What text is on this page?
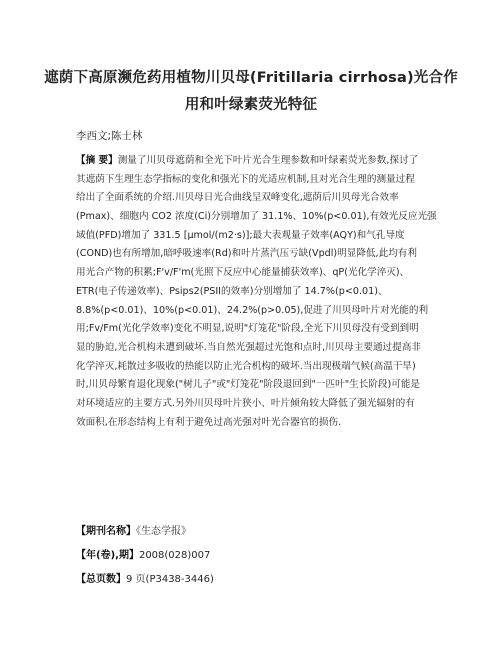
遮荫下高原濒危药用植物川贝母(Fritillaria cirrhosa)光合作
用和叶绿素荧光特征
李西文;陈士林
【摘 要】测量了川贝母遮荫和全光下叶片光合生理参数和叶绿素荧光参数,探讨了
其遮荫下生理生态学指标的变化和强光下的光适应机制,且对光合生理的测量过程
给出了全面系统的介绍.川贝母日光合曲线呈双峰变化,遮荫后川贝母光合效率
(Pmax)、细胞内 CO2 浓度(Ci)分别增加了 31.1%、10%(p<0.01),有效光反应光强
域值(PFD)增加了 331.5 [μmol/(m2·s)];最大表观量子效率(AQY)和气孔导度
(COND)也有所增加,暗呼吸速率(Rd)和叶片蒸汽压亏缺(Vpdl)明显降低,此均有利
用光合产物的积累;F'v/F'm(光照下反应中心能量捕获效率)、qP(光化学淬灭)、
ETR(电子传递效率)、Psips2(PSII的效率)分别增加了 14.7%(p<0.01)、
8.8%(p<0.01)、10%(p<0.01)、24.2%(p>0.05),促进了川贝母叶片对光能的利
用;Fv/Fm(光化学效率)变化不明显,说明"灯笼花"阶段,全光下川贝母没有受到到明
显的胁迫,光合机构未遭到破坏.当自然光强超过光饱和点时,川贝母主要通过提高非
化学淬灭,耗散过多吸收的热能以防止光合机构的破坏.当出现极端气候(高温干旱)
时,川贝母繁育退化现象("树儿子"或"灯笼花"阶段退回到"一匹叶"生长阶段)可能是
对环境适应的主要方式.另外川贝母叶片狭小、叶片倾角较大降低了强光辐射的有
效面积,在形态结构上有利于避免过高光强对叶光合器官的损伤.
【期刊名称】《生态学报》
【年(卷),期】2008(028)007
【总页数】9 页(P3438-3446)
